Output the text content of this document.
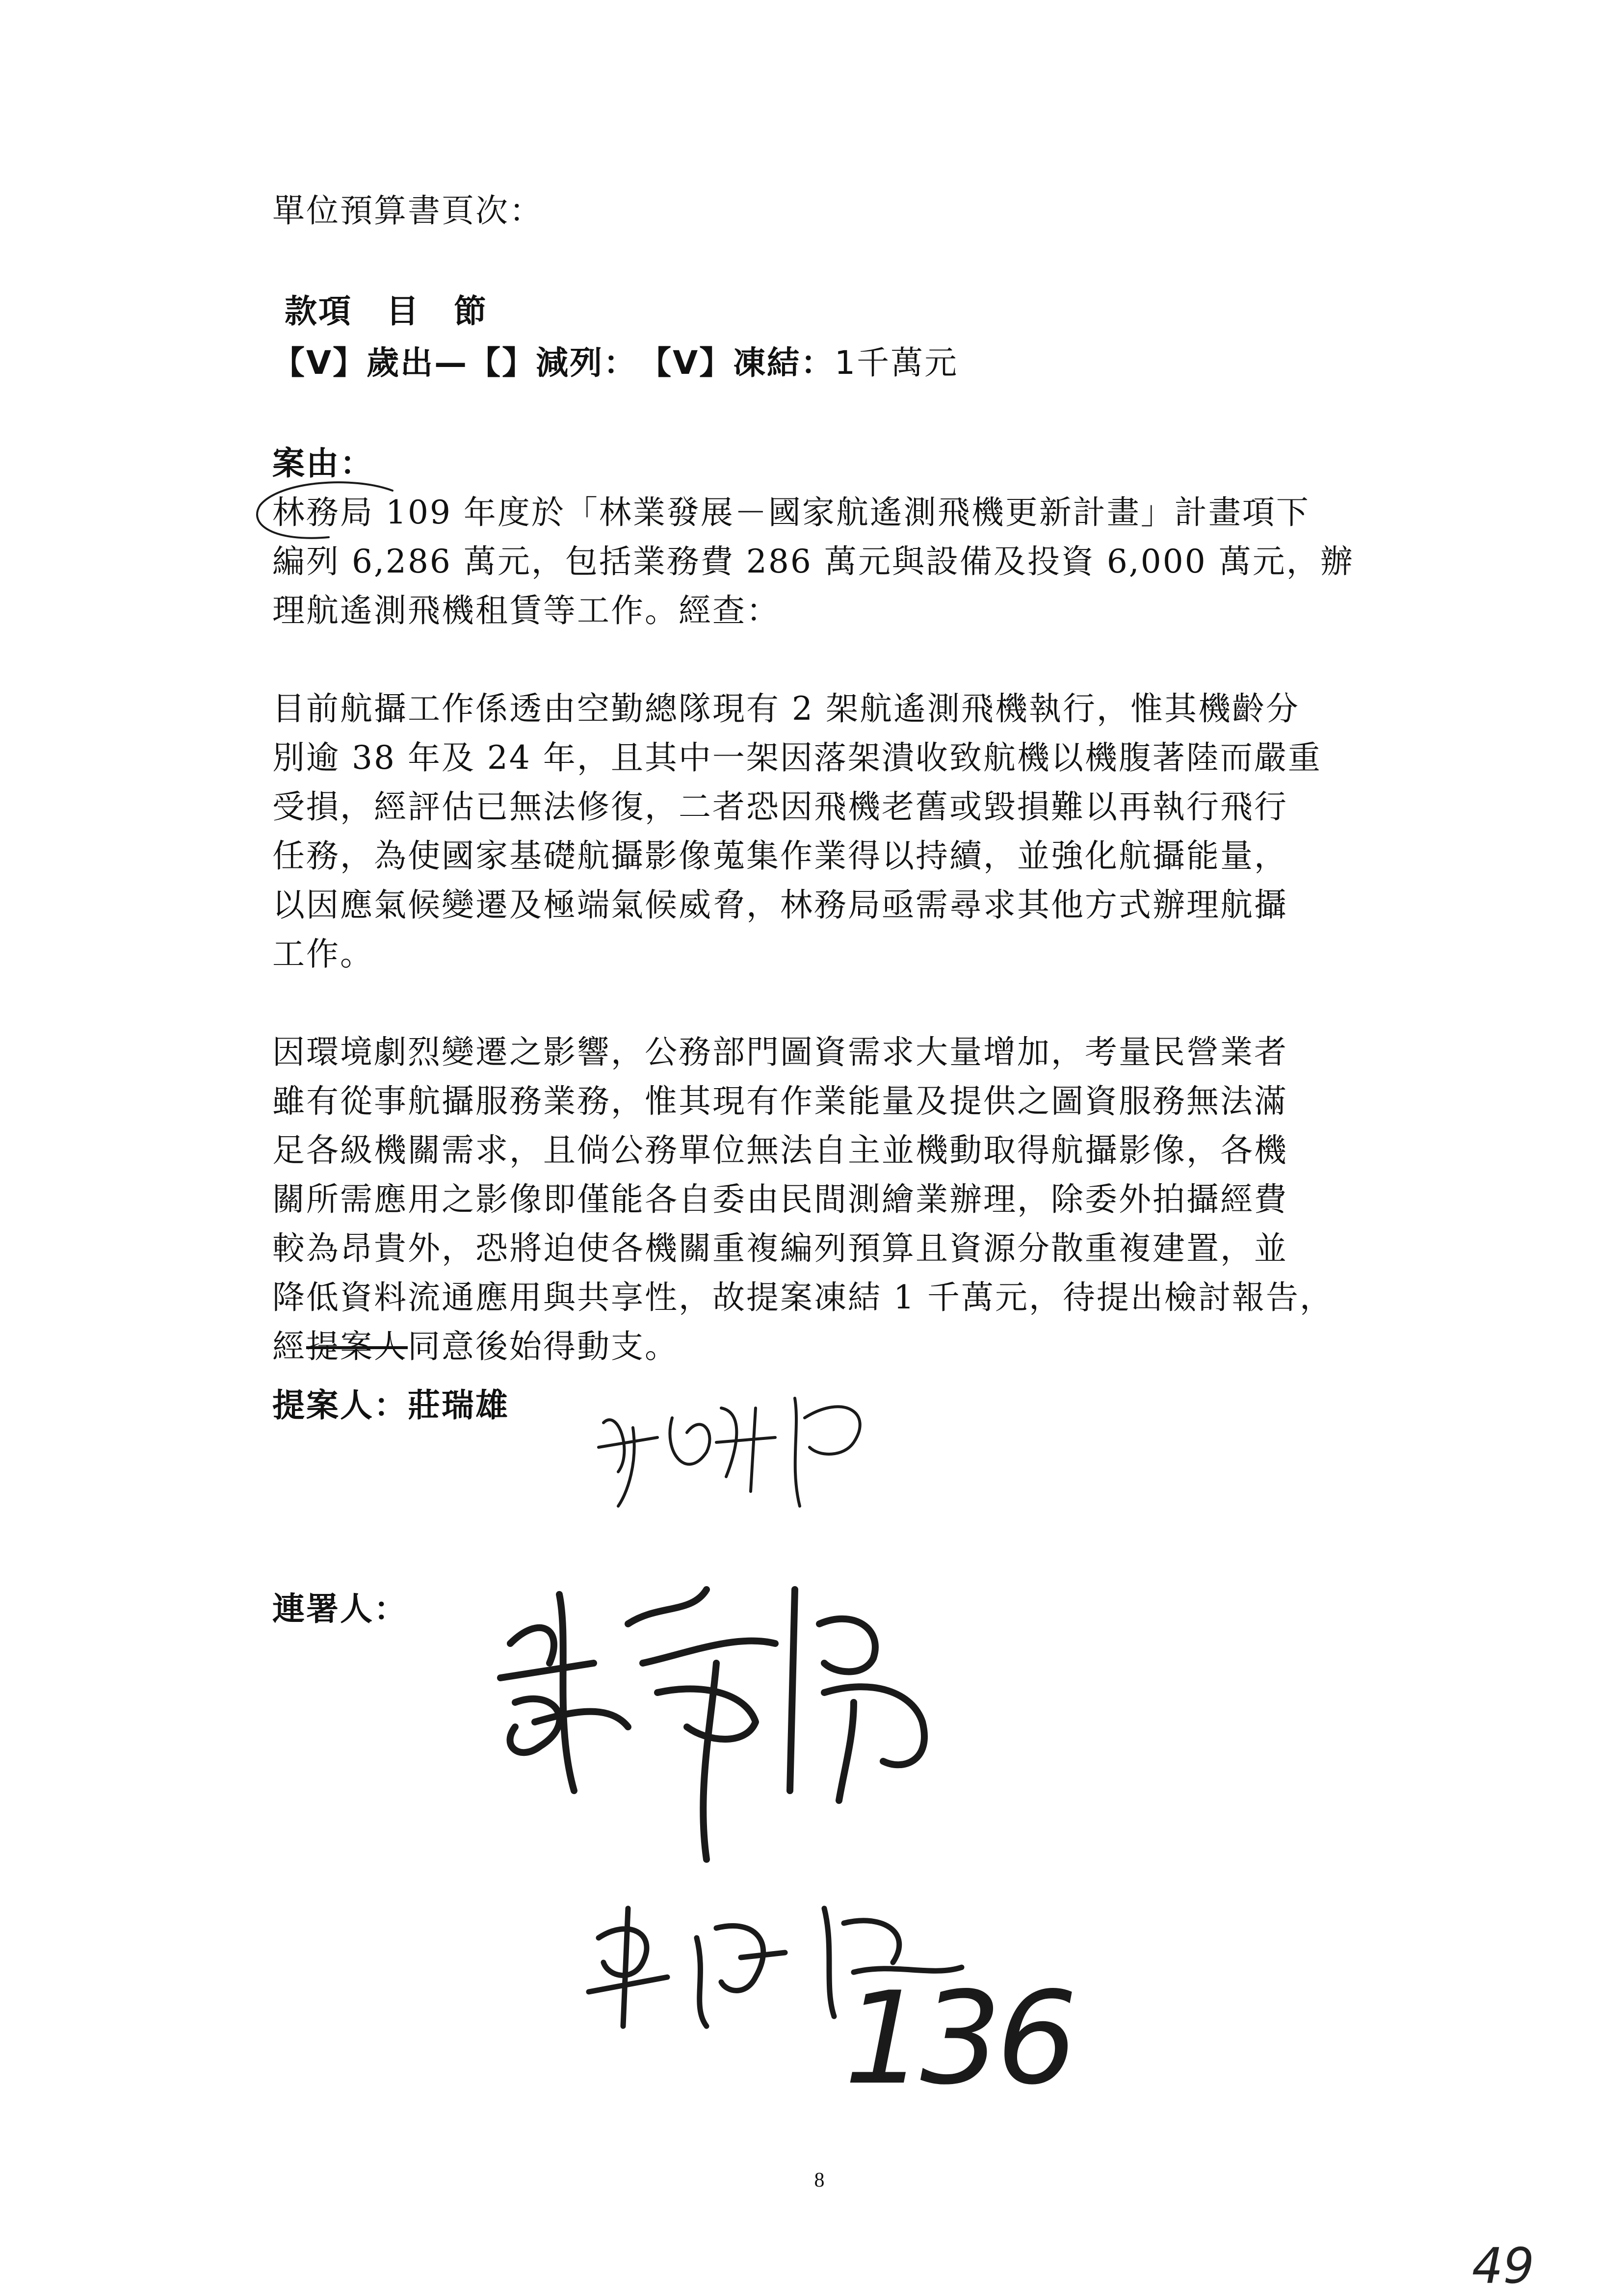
單位預算書頁次：
款項　目　節
【V】歲出—【】減列：　【V】凍結：1千萬元
案由：
林務局 109 年度於「林業發展－國家航遙測飛機更新計畫」計畫項下
編列 6,286 萬元，包括業務費 286 萬元與設備及投資 6,000 萬元，辦
理航遙測飛機租賃等工作。經查：
目前航攝工作係透由空勤總隊現有 2 架航遙測飛機執行，惟其機齡分
別逾 38 年及 24 年，且其中一架因落架潰收致航機以機腹著陸而嚴重
受損，經評估已無法修復，二者恐因飛機老舊或毀損難以再執行飛行
任務，為使國家基礎航攝影像蒐集作業得以持續，並強化航攝能量，
以因應氣候變遷及極端氣候威脅，林務局亟需尋求其他方式辦理航攝
工作。
因環境劇烈變遷之影響，公務部門圖資需求大量增加，考量民營業者
雖有從事航攝服務業務，惟其現有作業能量及提供之圖資服務無法滿
足各級機關需求，且倘公務單位無法自主並機動取得航攝影像，各機
關所需應用之影像即僅能各自委由民間測繪業辦理，除委外拍攝經費
較為昂貴外，恐將迫使各機關重複編列預算且資源分散重複建置，並
降低資料流通應用與共享性，故提案凍結 1 千萬元，待提出檢討報告，
經提案人同意後始得動支。
提案人：莊瑞雄
連署人：
136
8
49
